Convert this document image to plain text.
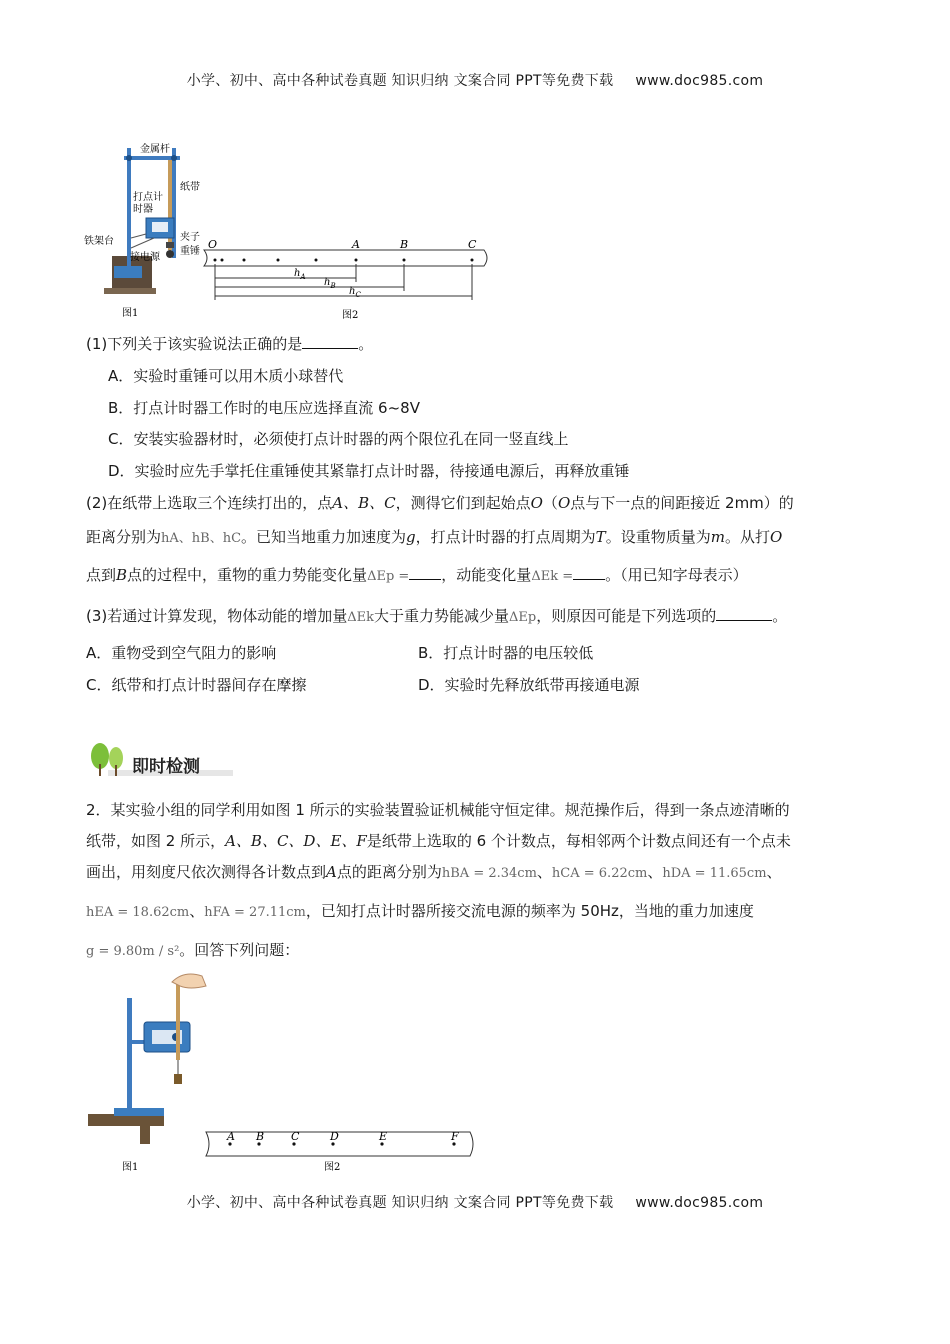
小学、初中、高中各种试卷真题 知识归纳 文案合同 PPT等免费下载 www.doc985.com
金属杆
纸带
打点计
时器
夹子
重锤
铁架台
接电源
图1
O	A	B	C
$h_A$ $h_B$ $h_C$
图2
(1)下列关于该实验说法正确的是	。
A．实验时重锤可以用木质小球替代
B．打点计时器工作时的电压应选择直流 6~8V
C．安装实验器材时，必须使打点计时器的两个限位孔在同一竖直线上
D．实验时应先手掌托住重锤使其紧靠打点计时器，待接通电源后，再释放重锤
(2)在纸带上选取三个连续打出的，点A、B、C，测得它们到起始点O（O点与下一点的间距接近 2mm）的
距离分别为hA、hB、hC。已知当地重力加速度为g，打点计时器的打点周期为T。设重物质量为m。从打O
点到B点的过程中，重物的重力势能变化量ΔEp = ，动能变化量ΔEk = 。（用已知字母表示）
(3)若通过计算发现，物体动能的增加量ΔEk大于重力势能减少量ΔEp，则原因可能是下列选项的	。
A．重物受到空气阻力的影响	B．打点计时器的电压较低
C．纸带和打点计时器间存在摩擦	D．实验时先释放纸带再接通电源
即时检测
2．某实验小组的同学利用如图 1 所示的实验装置验证机械能守恒定律。规范操作后，得到一条点迹清晰的
纸带，如图 2 所示，A、B、C、D、E、F是纸带上选取的 6 个计数点，每相邻两个计数点间还有一个点未
画出，用刻度尺依次测得各计数点到A点的距离分别为hBA = 2.34cm、hCA = 6.22cm、hDA = 11.65cm、
hEA = 18.62cm、hFA = 27.11cm，已知打点计时器所接交流电源的频率为 50Hz，当地的重力加速度
g = 9.80m / s²。回答下列问题：
图1
A B C	D	E	F
图2
小学、初中、高中各种试卷真题 知识归纳 文案合同 PPT等免费下载 www.doc985.com
